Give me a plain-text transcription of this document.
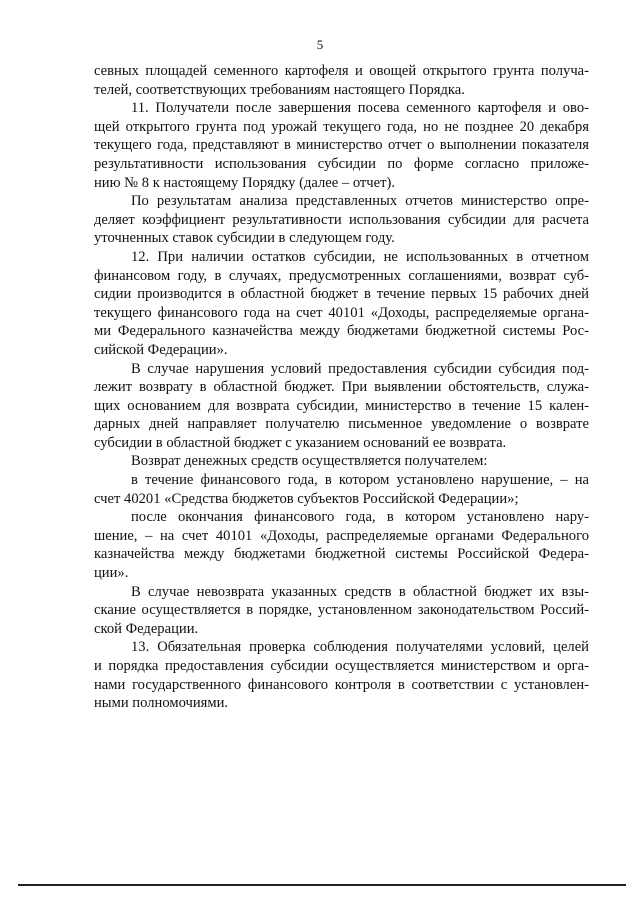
5
севных площадей семенного картофеля и овощей открытого грунта получа-
телей, соответствующих требованиям настоящего Порядка.
11. Получатели после завершения посева семенного картофеля и ово-
щей открытого грунта под урожай текущего года, но не позднее 20 декабря
текущего года, представляют в министерство отчет о выполнении показателя
результативности использования субсидии по форме согласно приложе-
нию № 8 к настоящему Порядку (далее – отчет).
По результатам анализа представленных отчетов министерство опре-
деляет коэффициент результативности использования субсидии для расчета
уточненных ставок субсидии в следующем году.
12. При наличии остатков субсидии, не использованных в отчетном
финансовом году, в случаях, предусмотренных соглашениями, возврат суб-
сидии производится в областной бюджет в течение первых 15 рабочих дней
текущего финансового года на счет 40101 «Доходы, распределяемые органа-
ми Федерального казначейства между бюджетами бюджетной системы Рос-
сийской Федерации».
В случае нарушения условий предоставления субсидии субсидия под-
лежит возврату в областной бюджет. При выявлении обстоятельств, служа-
щих основанием для возврата субсидии, министерство в течение 15 кален-
дарных дней направляет получателю письменное уведомление о возврате
субсидии в областной бюджет с указанием оснований ее возврата.
Возврат денежных средств осуществляется получателем:
в течение финансового года, в котором установлено нарушение, – на
счет 40201 «Средства бюджетов субъектов Российской Федерации»;
после окончания финансового года, в котором установлено нару-
шение, – на счет 40101 «Доходы, распределяемые органами Федерального
казначейства между бюджетами бюджетной системы Российской Федера-
ции».
В случае невозврата указанных средств в областной бюджет их взы-
скание осуществляется в порядке, установленном законодательством Россий-
ской Федерации.
13. Обязательная проверка соблюдения получателями условий, целей
и порядка предоставления субсидии осуществляется министерством и орга-
нами государственного финансового контроля в соответствии с установлен-
ными полномочиями.
